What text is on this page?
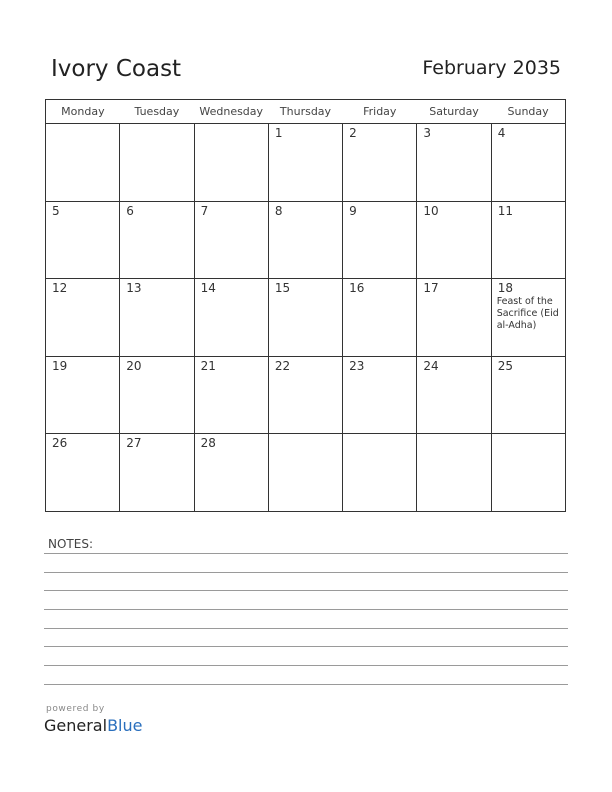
Ivory Coast	February 2035
Monday	Tuesday	Wednesday	Thursday	Friday	Saturday	Sunday

			1	2	3	4

5	6	7	8	9	10	11

12	13	14	15	16	17	18
Feast of the Sacrifice (Eid al-Adha)

19	20	21	22	23	24	25

26	27	28				

NOTES:
powered by
GeneralBlue
